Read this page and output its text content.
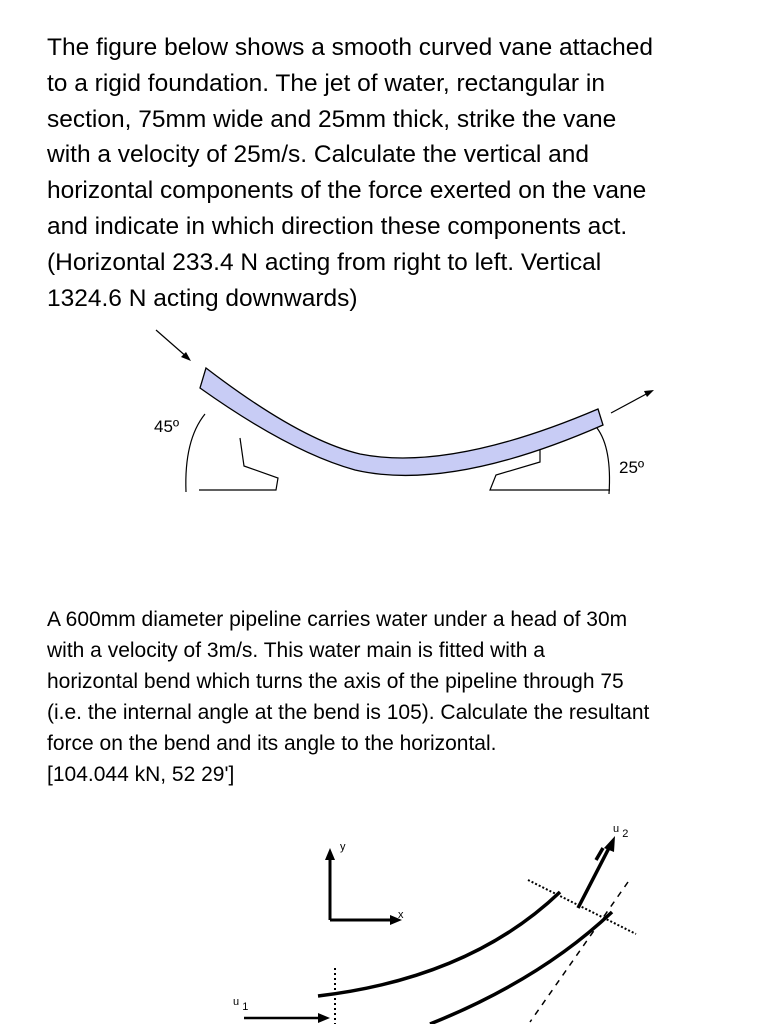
The figure below shows a smooth curved vane attached
to a rigid foundation. The jet of water, rectangular in
section, 75mm wide and 25mm thick, strike the vane
with a velocity of 25m/s. Calculate the vertical and
horizontal components of the force exerted on the vane
and indicate in which direction these components act.
(Horizontal 233.4 N acting from right to left. Vertical
1324.6 N acting downwards)
45º
25º
A 600mm diameter pipeline carries water under a head of 30m
with a velocity of 3m/s. This water main is fitted with a
horizontal bend which turns the axis of the pipeline through 75
(i.e. the internal angle at the bend is 105). Calculate the resultant
force on the bend and its angle to the horizontal.
[104.044 kN, 52 29']
y
x
u 1
u 2
